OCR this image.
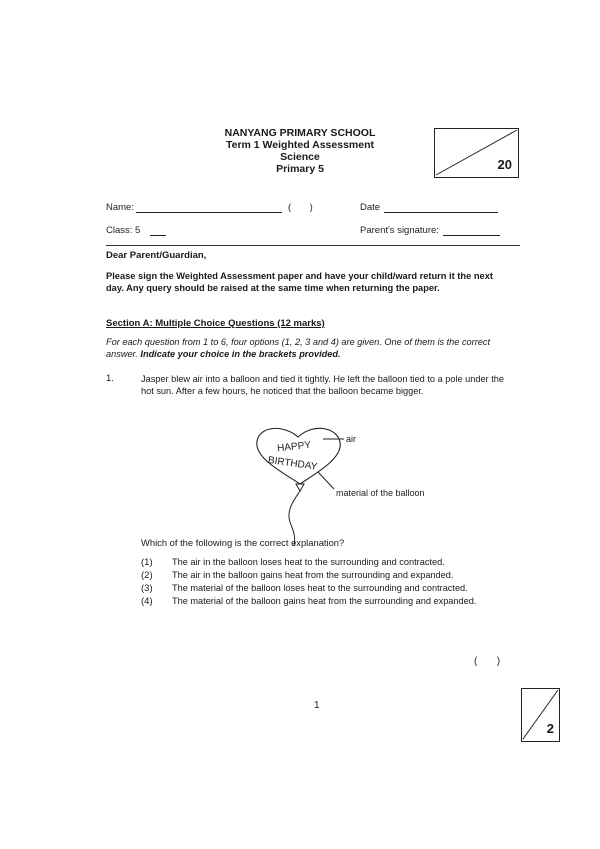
NANYANG PRIMARY SCHOOL
Term 1 Weighted Assessment
Science
Primary 5	20
Name:	(       )	Date
Class: 5	Parent's signature:
Dear Parent/Guardian,
Please sign the Weighted Assessment paper and have your child/ward return it the next
day. Any query should be raised at the same time when returning the paper.
Section A: Multiple Choice Questions (12 marks)
For each question from 1 to 6, four options (1, 2, 3 and 4) are given. One of them is the correct
answer. Indicate your choice in the brackets provided.
1.	Jasper blew air into a balloon and tied it tightly. He left the balloon tied to a pole under the
hot sun. After a few hours, he noticed that the balloon became bigger.
HAPPY
BIRTHDAY
air
material of the balloon
Which of the following is the correct explanation?
(1) The air in the balloon loses heat to the surrounding and contracted.
(2) The air in the balloon gains heat from the surrounding and expanded.
(3) The material of the balloon loses heat to the surrounding and contracted.
(4) The material of the balloon gains heat from the surrounding and expanded.
(       )
1
2
